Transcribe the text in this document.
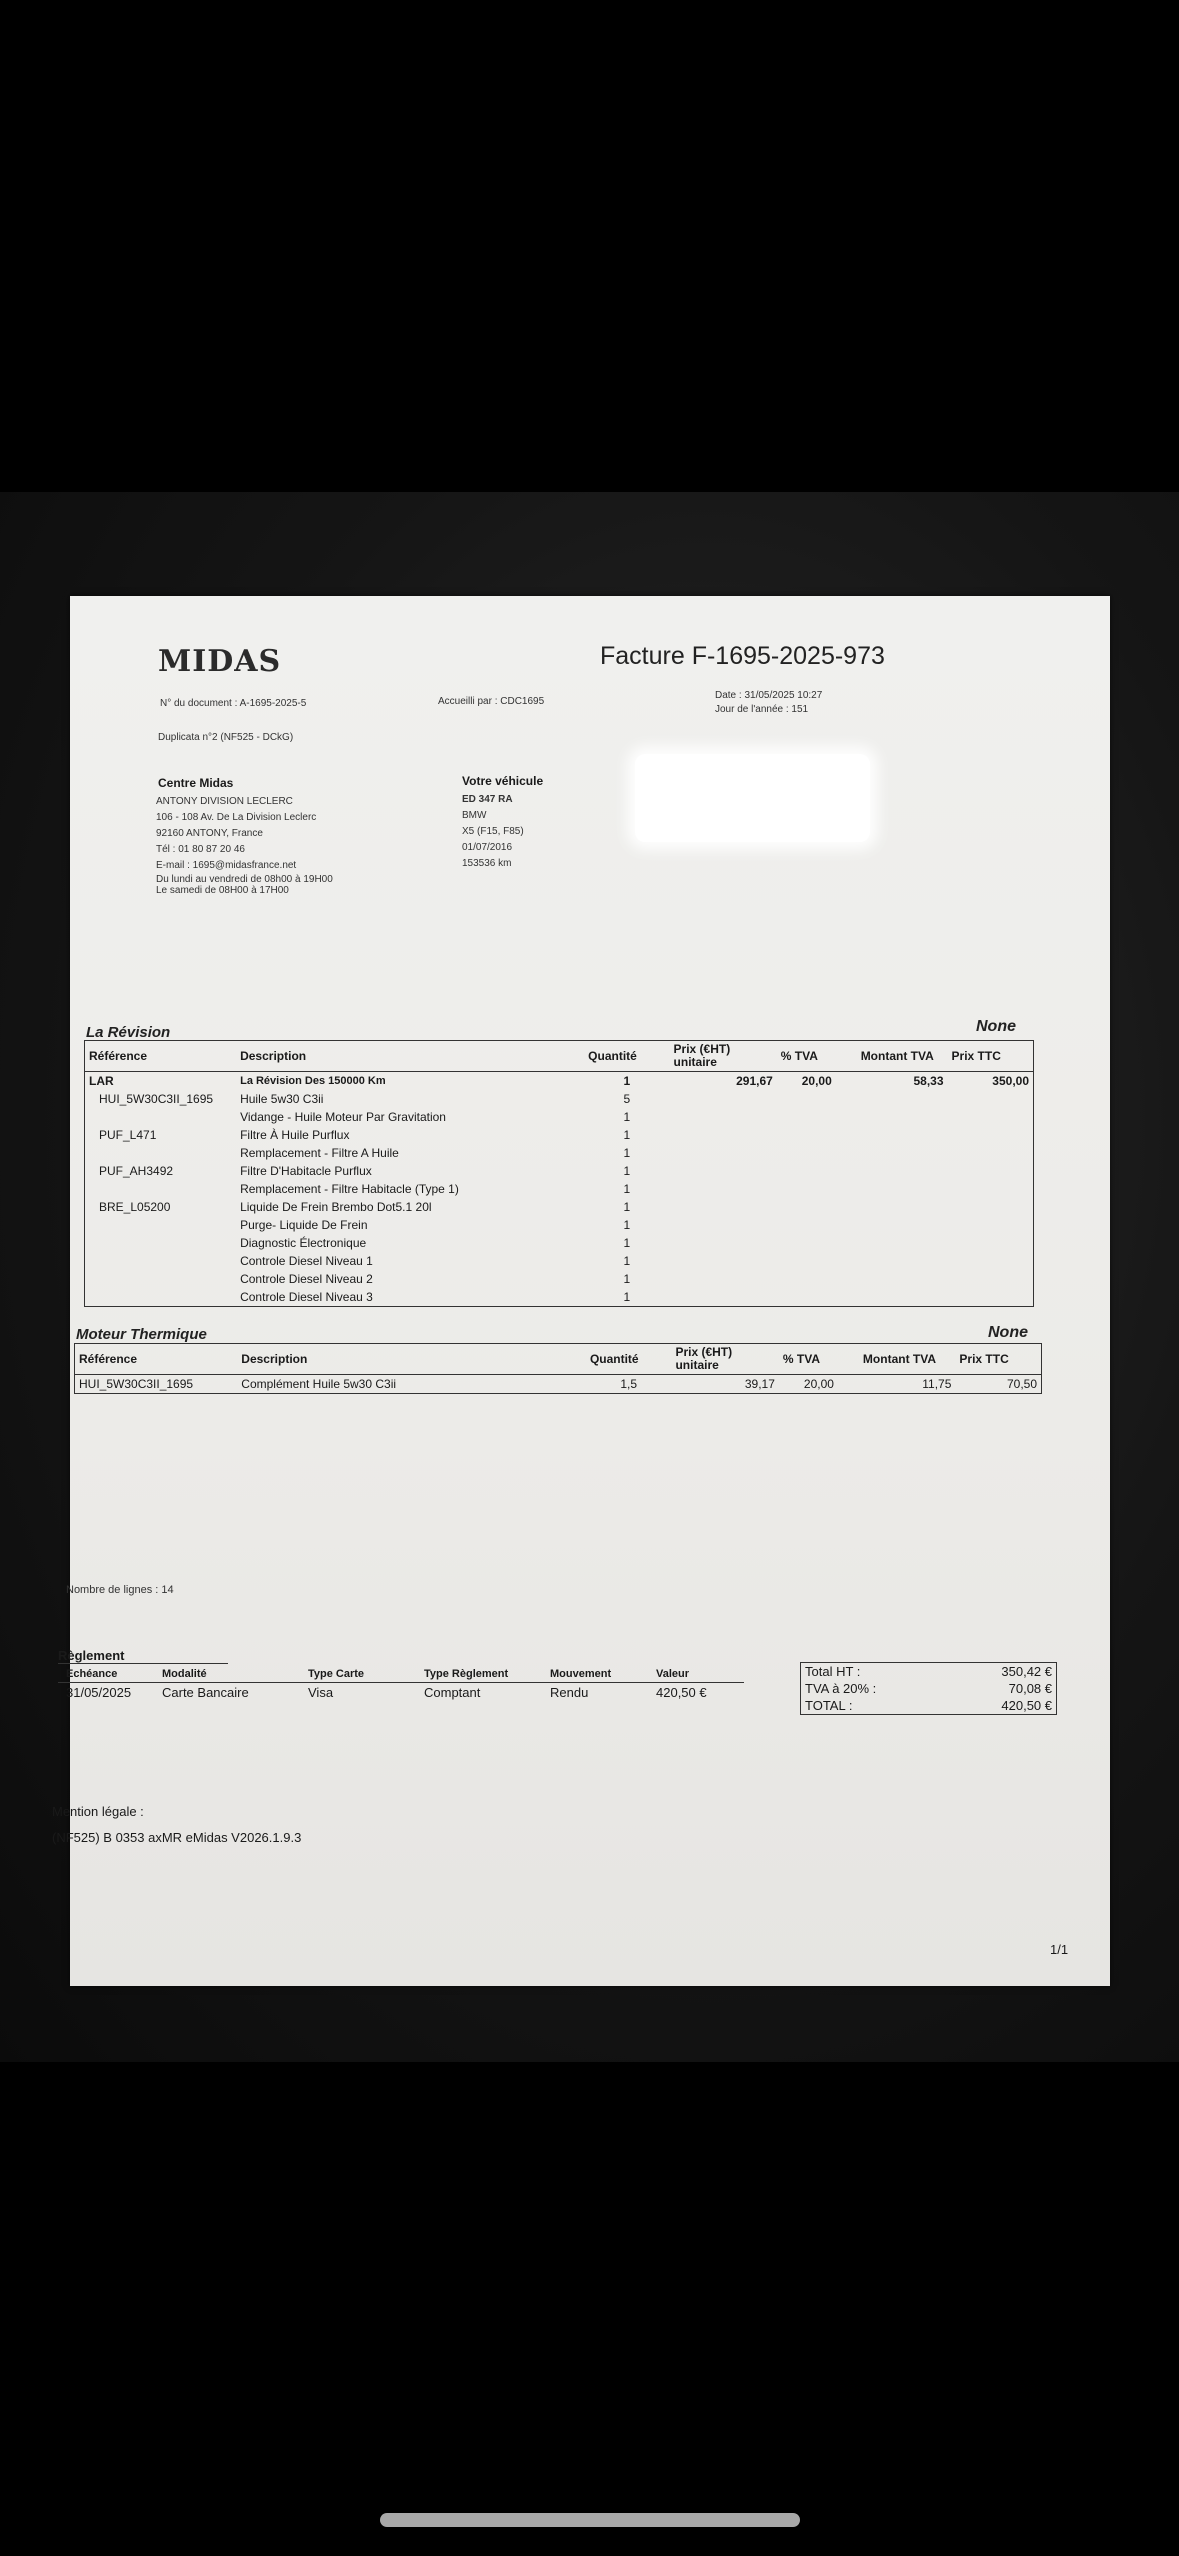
MIDAS	Facture F-1695-2025-973
N° du document : A-1695-2025-5	Accueilli par : CDC1695
Date : 31/05/2025 10:27
Jour de l'année : 151
Duplicata n°2 (NF525 - DCkG)
Centre Midas
ANTONY DIVISION LECLERC
106 - 108 Av. De La Division Leclerc
92160 ANTONY, France
Tél : 01 80 87 20 46
E-mail : 1695@midasfrance.net
Du lundi au vendredi de 08h00 à 19H00
Le samedi de 08H00 à 17H00
Votre véhicule
ED 347 RA
BMW
X5 (F15, F85)
01/07/2016
153536 km
La Révision	None
Référence	Description	Quantité	Prix (€HT) unitaire	% TVA	Montant TVA	Prix TTC
LAR	La Révision Des 150000 Km	1	291,67	20,00	58,33	350,00
HUI_5W30C3II_1695	Huile 5w30 C3ii	5				
	Vidange - Huile Moteur Par Gravitation	1				
PUF_L471	Filtre À Huile Purflux	1				
	Remplacement - Filtre A Huile	1				
PUF_AH3492	Filtre D'Habitacle Purflux	1				
	Remplacement - Filtre Habitacle (Type 1)	1				
BRE_L05200	Liquide De Frein Brembo Dot5.1 20l	1				
	Purge- Liquide De Frein	1				
	Diagnostic Électronique	1				
	Controle Diesel Niveau 1	1				
	Controle Diesel Niveau 2	1				
	Controle Diesel Niveau 3	1				
Moteur Thermique	None
Référence	Description	Quantité	Prix (€HT) unitaire	% TVA	Montant TVA	Prix TTC
HUI_5W30C3II_1695	Complément Huile 5w30 C3ii	1,5	39,17	20,00	11,75	70,50
Nombre de lignes : 14
Règlement
Echéance	Modalité	Type Carte	Type Règlement	Mouvement	Valeur
31/05/2025	Carte Bancaire	Visa	Comptant	Rendu	420,50 €
Total HT :	350,42 €
TVA à 20% :	70,08 €
TOTAL :	420,50 €
Mention légale :
(NF525) B 0353 axMR eMidas V2026.1.9.3
1/1
